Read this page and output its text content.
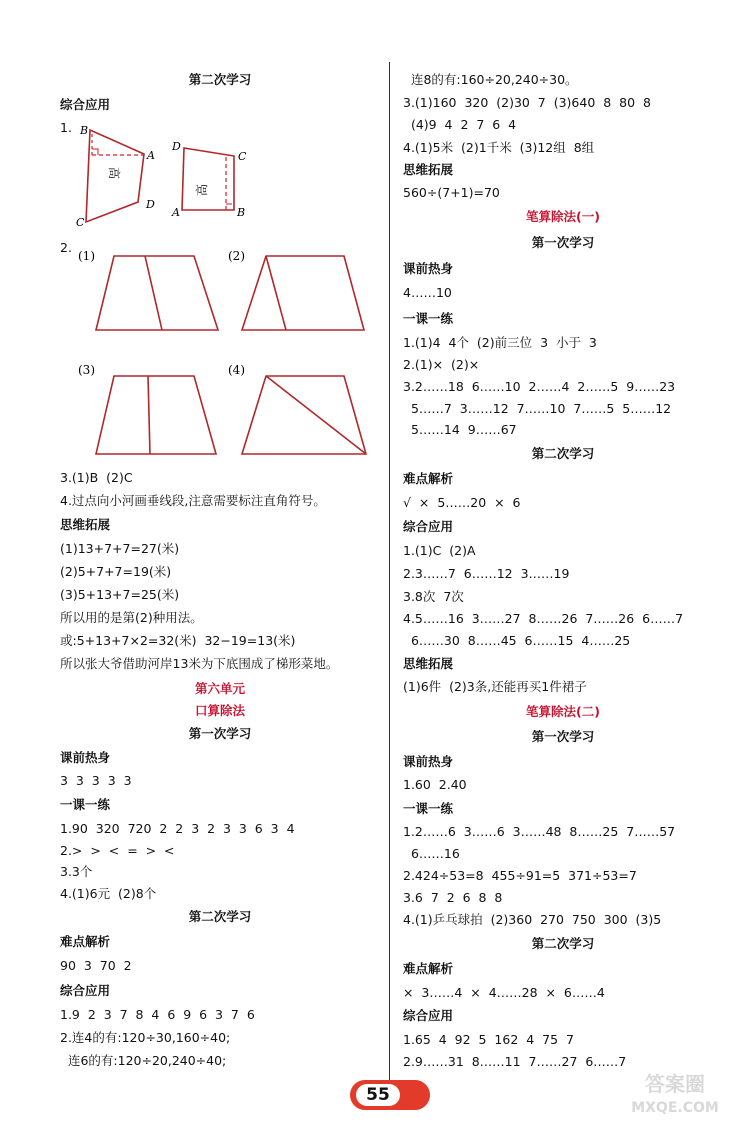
第二次学习
综合应用
1. B
A
D
C
高
D
C
A	B
高
2.
(1)	(2)
(3)	(4)
3.(1)B  (2)C
4.过点向小河画垂线段,注意需要标注直角符号。
思维拓展
(1)13+7+7=27(米)
(2)5+7+7=19(米)
(3)5+13+7=25(米)
所以用的是第(2)种用法。
或:5+13+7×2=32(米)  32−19=13(米)
所以张大爷借助河岸13米为下底围成了梯形菜地。
第六单元
口算除法
第一次学习
课前热身
3  3  3  3  3
一课一练
1.90  320  720  2  2  3  2  3  3  6  3  4
2.>  >  <  =  >  <
3.3个
4.(1)6元  (2)8个
第二次学习
难点解析
90  3  70  2
综合应用
1.9  2  3  7  8  4  6  9  6  3  7  6
2.连4的有:120÷30,160÷40;
连6的有:120÷20,240÷40;
连8的有:160÷20,240÷30。
3.(1)160  320  (2)30  7  (3)640  8  80  8
(4)9  4  2  7  6  4
4.(1)5米  (2)1千米  (3)12组  8组
思维拓展
560÷(7+1)=70
笔算除法(一)
第一次学习
课前热身
4……10
一课一练
1.(1)4  4个  (2)前三位  3  小于  3
2.(1)×  (2)×
3.2……18  6……10  2……4  2……5  9……23
5……7  3……12  7……10  7……5  5……12
5……14  9……67
第二次学习
难点解析
√  ×  5……20  ×  6
综合应用
1.(1)C  (2)A
2.3……7  6……12  3……19
3.8次  7次
4.5……16  3……27  8……26  7……26  6……7
6……30  8……45  6……15  4……25
思维拓展
(1)6件  (2)3条,还能再买1件裙子
笔算除法(二)
第一次学习
课前热身
1.60  2.40
一课一练
1.2……6  3……6  3……48  8……25  7……57
6……16
2.424÷53=8  455÷91=5  371÷53=7
3.6  7  2  6  8  8
4.(1)乒乓球拍  (2)360  270  750  300  (3)5
第二次学习
难点解析
×  3……4  ×  4……28  ×  6……4
综合应用
1.65  4  92  5  162  4  75  7
2.9……31  8……11  7……27  6……7
55	答案圈
MXQE.COM
